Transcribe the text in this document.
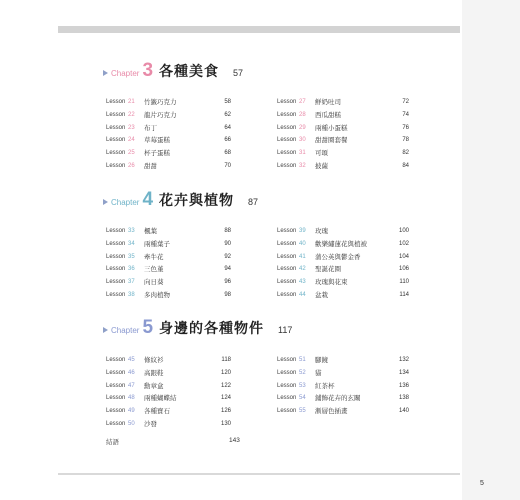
5
Chapter 3 各種美食 57
Lesson 21 竹籤巧克力	58
Lesson 22 龍片巧克力	62
Lesson 23 布丁	64
Lesson 24 草莓蛋糕	66
Lesson 25 杯子蛋糕	68
Lesson 26 甜甜	70
Lesson 27 鮮奶吐司	72
Lesson 28 西瓜甜糕	74
Lesson 29 兩種小蛋糕	76
Lesson 30 甜甜圈套餐	78
Lesson 31 可頌	82
Lesson 32 披薩	84
Chapter 4 花卉與植物 87
Lesson 33 楓葉	88
Lesson 34 兩種葉子	90
Lesson 35 牽牛花	92
Lesson 36 三色堇	94
Lesson 37 向日葵	96
Lesson 38 多肉植物	98
Lesson 39 玫瑰	100
Lesson 40 歡樂繡蓮花與植被	102
Lesson 41 蒲公英與鬱金香	104
Lesson 42 聖誕花圈	106
Lesson 43 玫瑰與花束	110
Lesson 44 盆栽	114
Chapter 5 身邊的各種物件 117
Lesson 45 條紋衫	118
Lesson 46 高跟鞋	120
Lesson 47 勳章盒	122
Lesson 48 兩種蝴蝶結	124
Lesson 49 各種寶石	126
Lesson 50 沙發	130
Lesson 51 腳鏡	132
Lesson 52 貓	134
Lesson 53 紅茶杯	136
Lesson 54 鋪飾花卉的玄關	138
Lesson 55 漸層色插畫	140
結語	143
